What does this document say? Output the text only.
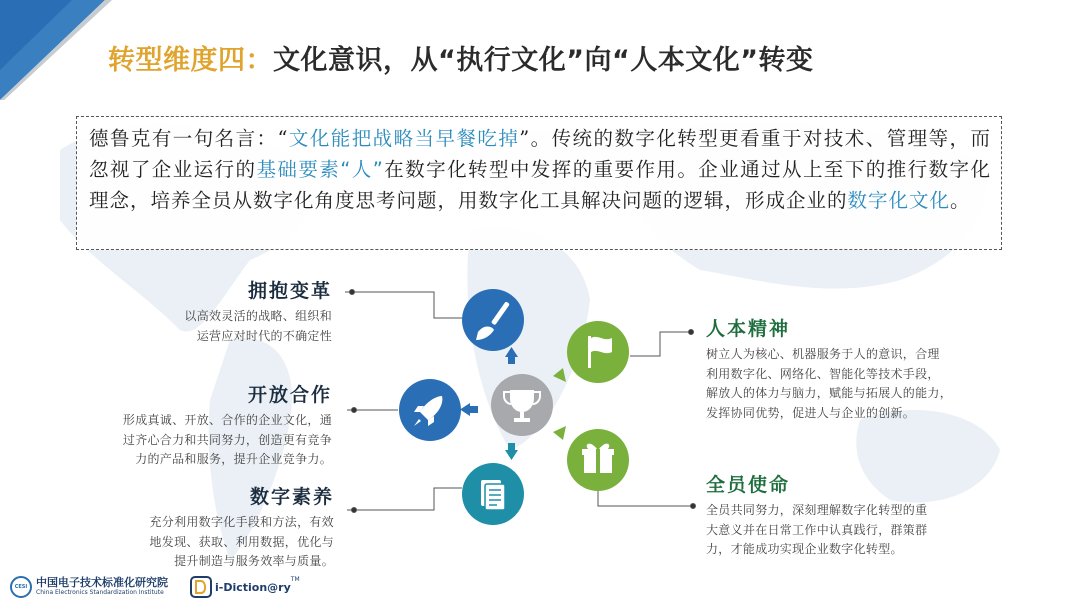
转型维度四：文化意识，从“执行文化”向“人本文化”转变
德鲁克有一句名言：“文化能把战略当早餐吃掉”。传统的数字化转型更看重于对技术、管理等，而忽视了企业运行的基础要素“人”在数字化转型中发挥的重要作用。企业通过从上至下的推行数字化理念，培养全员从数字化角度思考问题，用数字化工具解决问题的逻辑，形成企业的数字化文化。
拥抱变革

以高效灵活的战略、组织和
运营应对时代的不确定性

开放合作

形成真诚、开放、合作的企业文化，通
过齐心合力和共同努力，创造更有竞争
力的产品和服务，提升企业竞争力。

数字素养

充分利用数字化手段和方法，有效
地发现、获取、利用数据，优化与
提升制造与服务效率与质量。

人本精神

树立人为核心、机器服务于人的意识，合理
利用数字化、网络化、智能化等技术手段，
解放人的体力与脑力，赋能与拓展人的能力，
发挥协同优势，促进人与企业的创新。

全员使命

全员共同努力，深刻理解数字化转型的重
大意义并在日常工作中认真践行，群策群
力，才能成功实现企业数字化转型。

CESI 中国电子技术标准化研究院
China Electronics Standardization Institute	i-Diction@ry
TM
